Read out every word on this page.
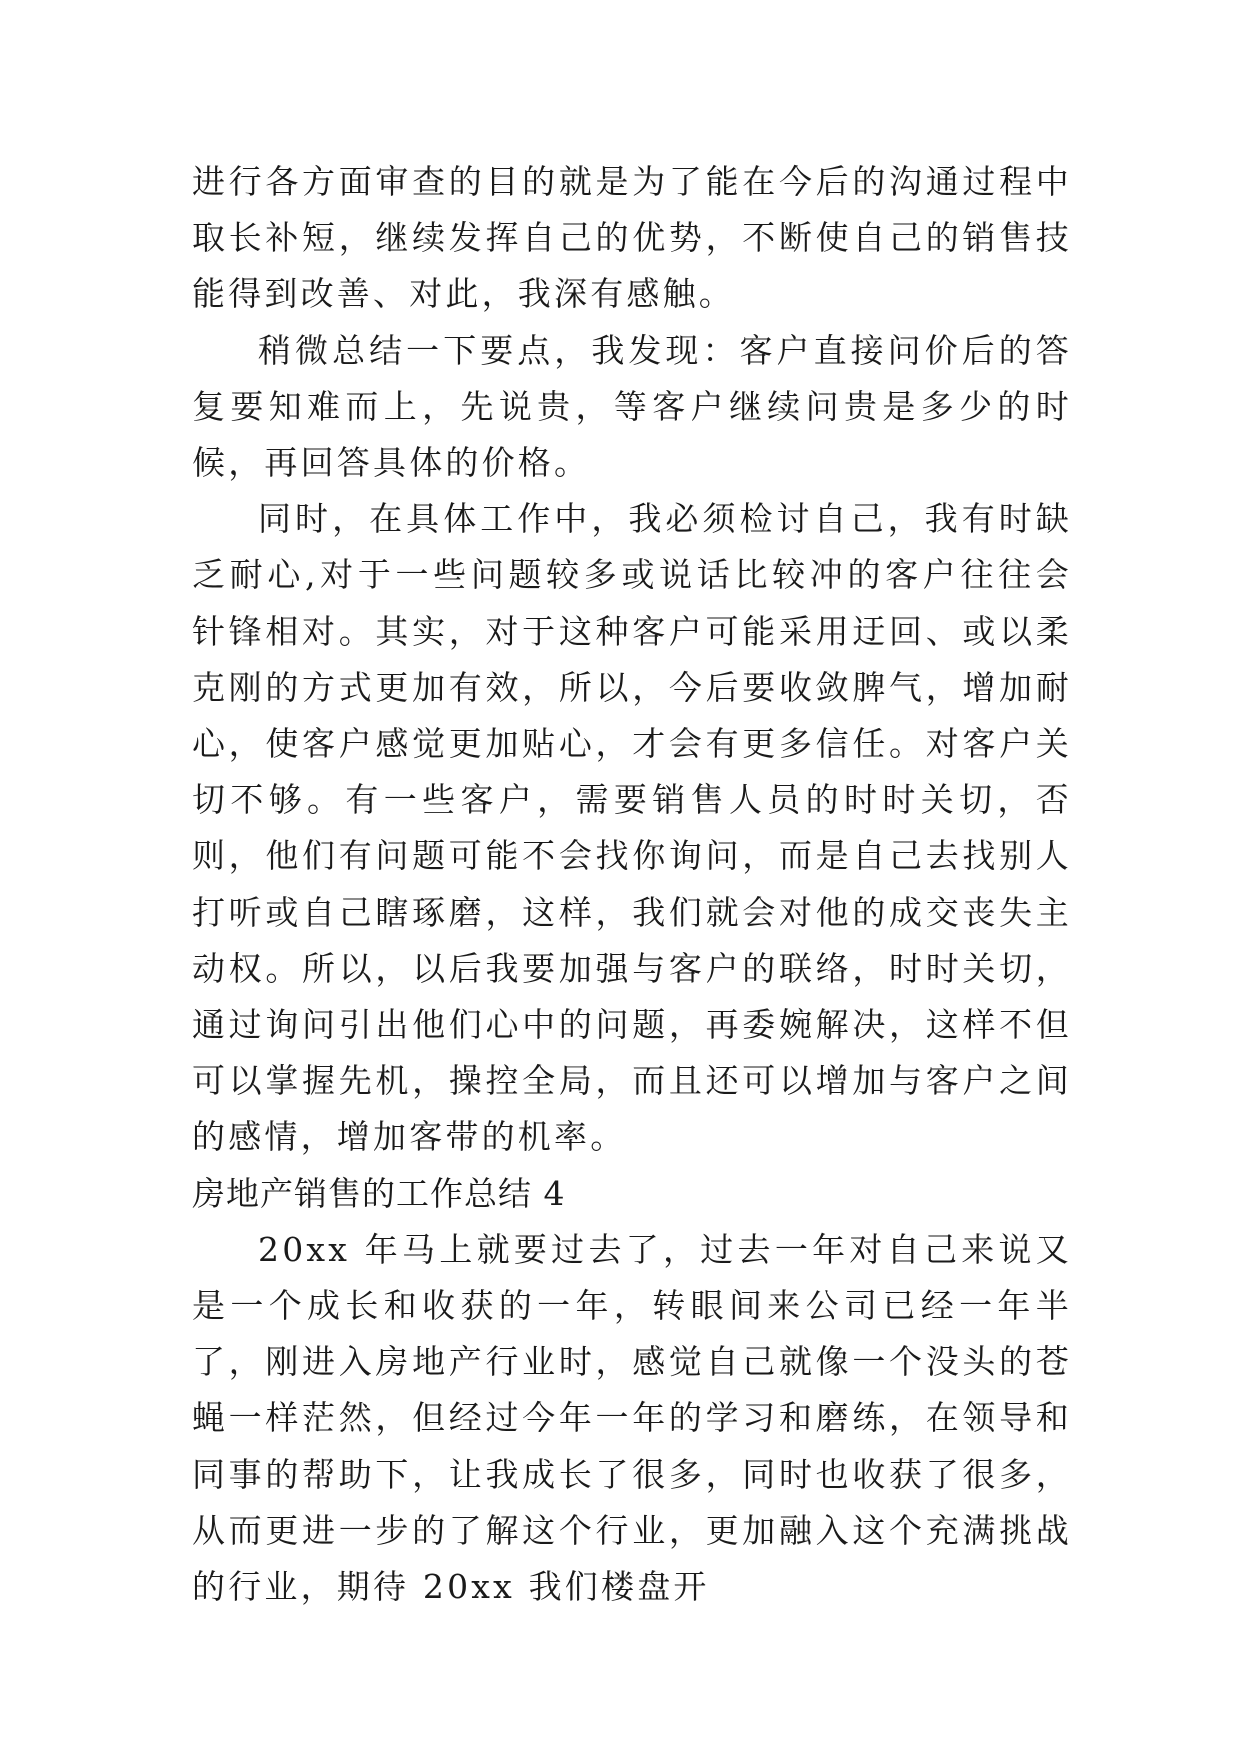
进行各方面审查的目的就是为了能在今后的沟通过程中取长补短，继续发挥自己的优势，不断使自己的销售技能得到改善、对此，我深有感触。

稍微总结一下要点，我发现：客户直接问价后的答复要知难而上，先说贵，等客户继续问贵是多少的时候，再回答具体的价格。

同时，在具体工作中，我必须检讨自己，我有时缺乏耐心,对于一些问题较多或说话比较冲的客户往往会针锋相对。其实，对于这种客户可能采用迂回、或以柔克刚的方式更加有效，所以，今后要收敛脾气，增加耐心，使客户感觉更加贴心，才会有更多信任。对客户关切不够。有一些客户，需要销售人员的时时关切，否则，他们有问题可能不会找你询问，而是自己去找别人打听或自己瞎琢磨，这样，我们就会对他的成交丧失主动权。所以，以后我要加强与客户的联络，时时关切，通过询问引出他们心中的问题，再委婉解决，这样不但可以掌握先机，操控全局，而且还可以增加与客户之间的感情，增加客带的机率。

房地产销售的工作总结 4

20xx 年马上就要过去了，过去一年对自己来说又是一个成长和收获的一年，转眼间来公司已经一年半了，刚进入房地产行业时，感觉自己就像一个没头的苍蝇一样茫然，但经过今年一年的学习和磨练，在领导和同事的帮助下，让我成长了很多，同时也收获了很多，从而更进一步的了解这个行业，更加融入这个充满挑战的行业，期待 20xx 我们楼盘开
